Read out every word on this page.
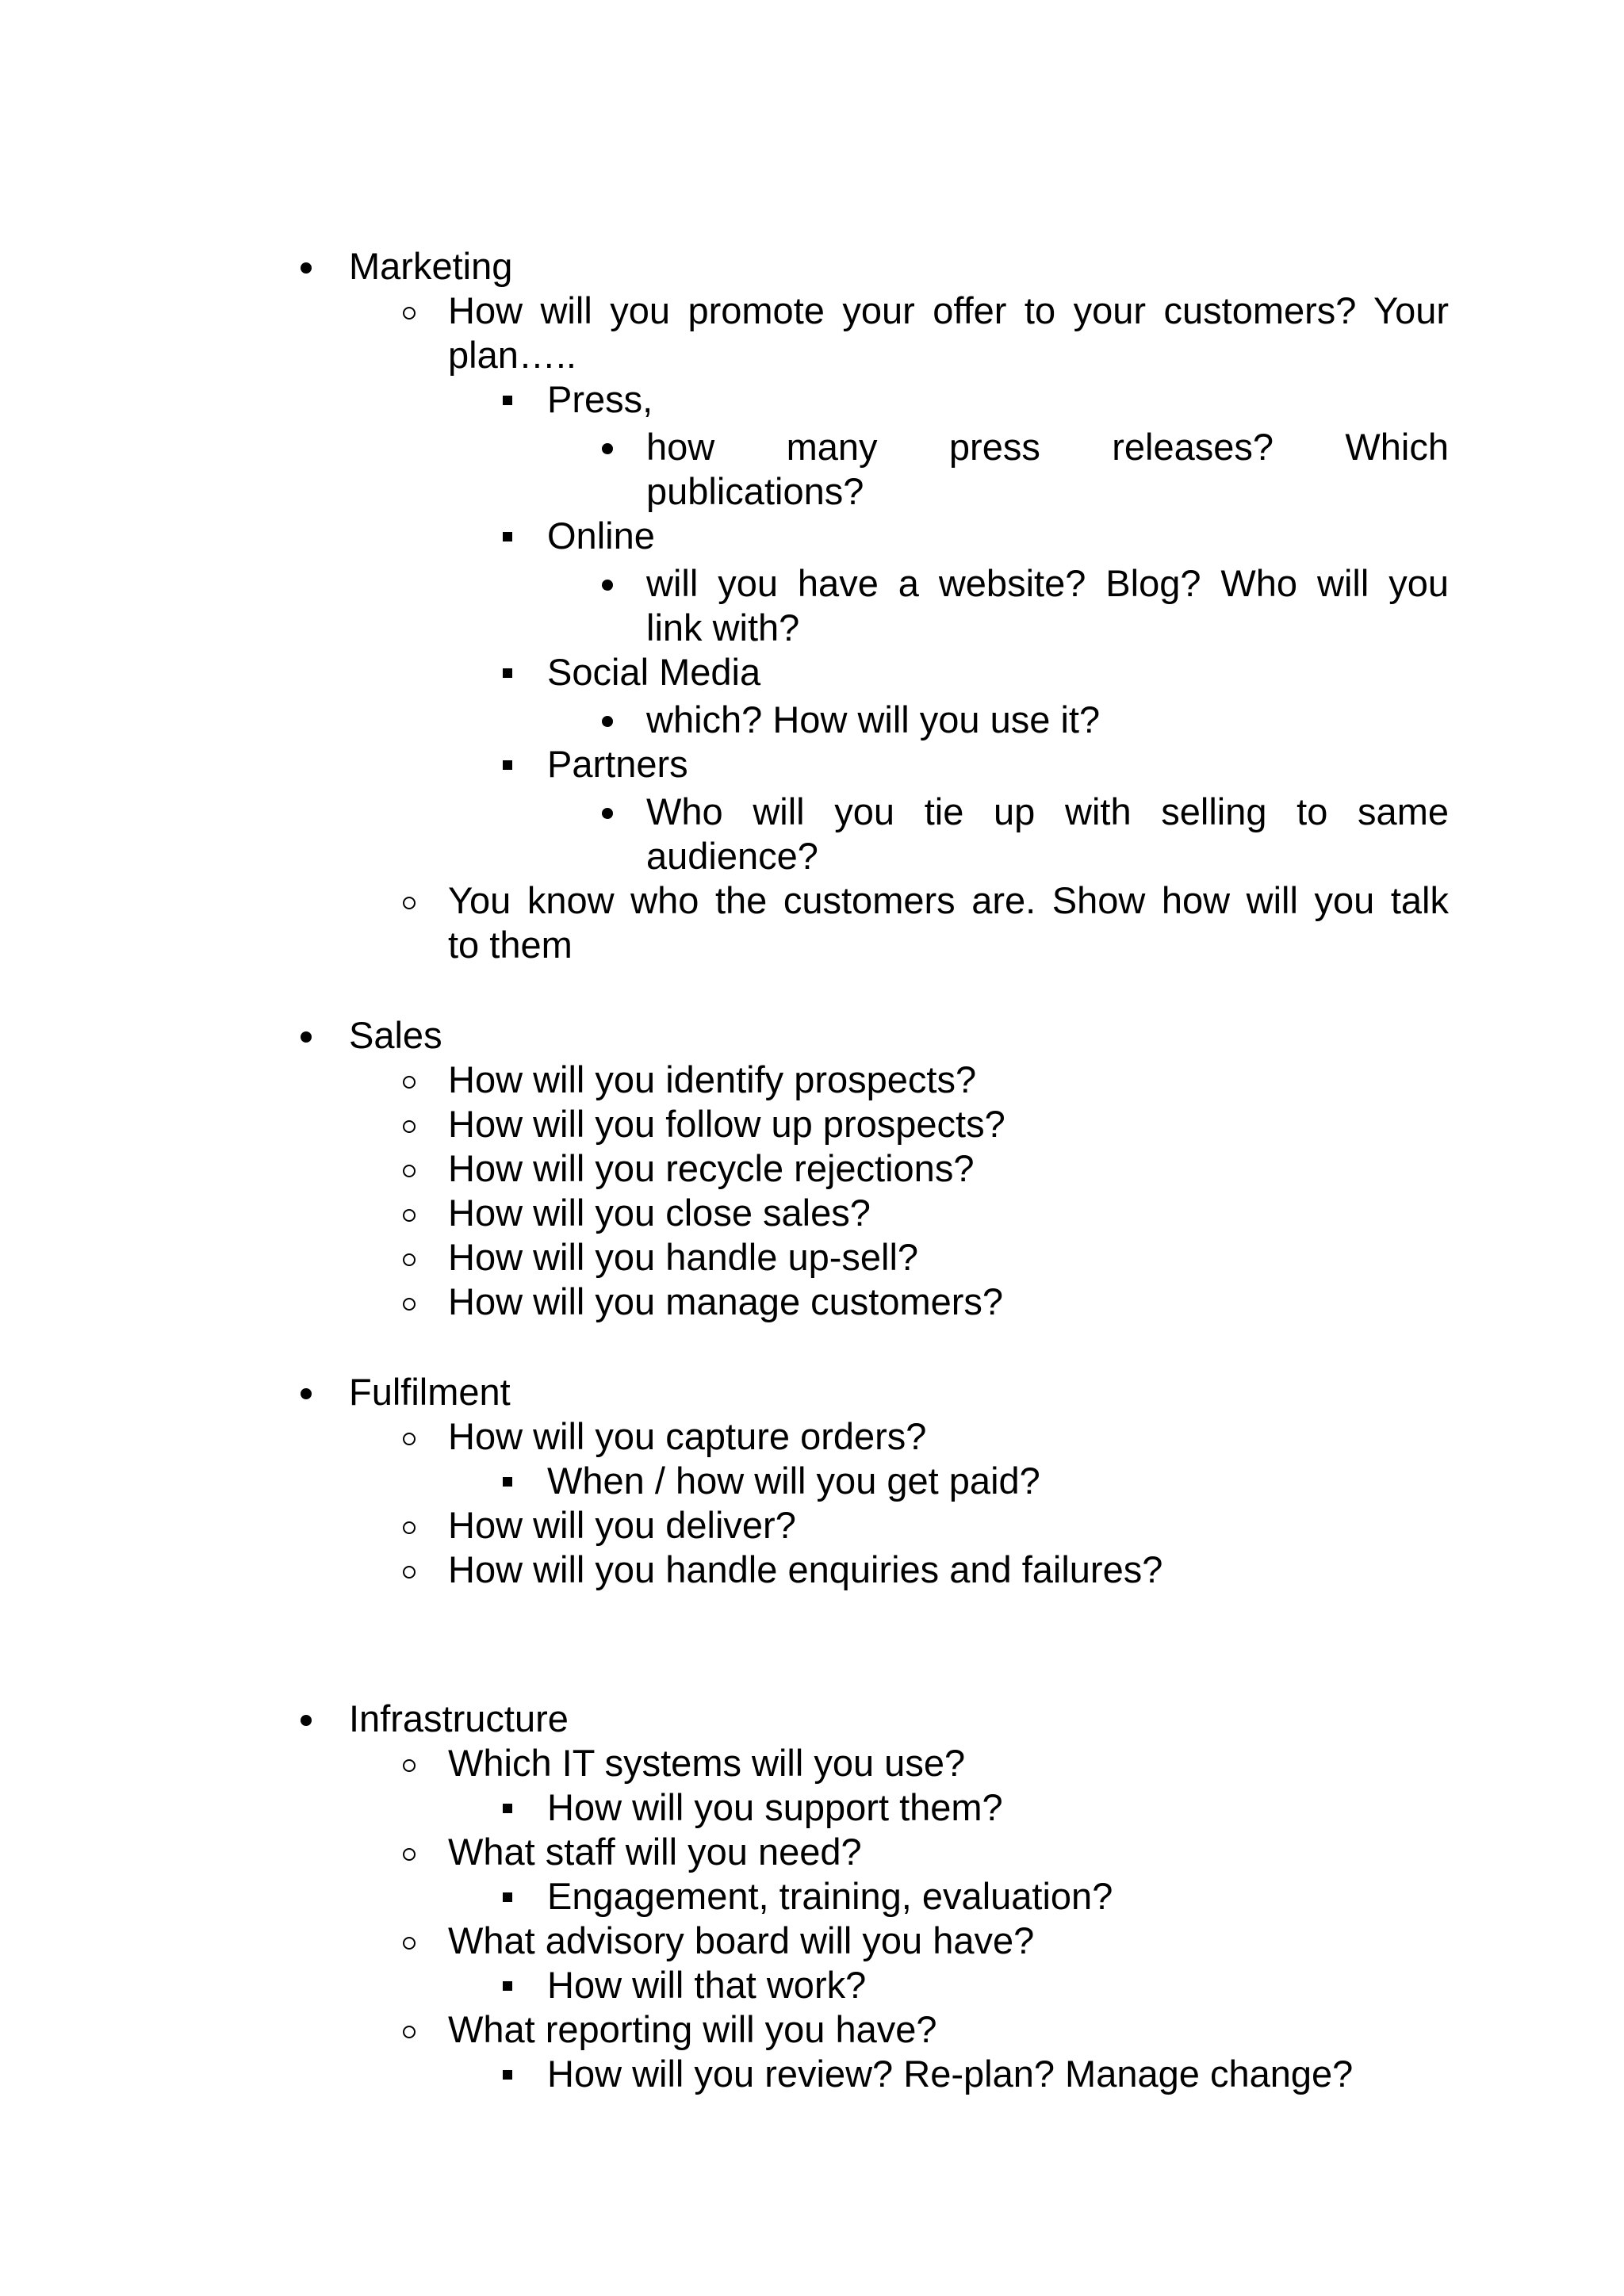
Marketing
How will you promote your offer to your customers? Your
plan…..
Press,
how many press releases? Which
publications?
Online
will you have a website? Blog? Who will you
link with?
Social Media
which? How will you use it?
Partners
Who will you tie up with selling to same
audience?
You know who the customers are. Show how will you talk
to them
Sales
How will you identify prospects?
How will you follow up prospects?
How will you recycle rejections?
How will you close sales?
How will you handle up-sell?
How will you manage customers?
Fulfilment
How will you capture orders?
When / how will you get paid?
How will you deliver?
How will you handle enquiries and failures?
Infrastructure
Which IT systems will you use?
How will you support them?
What staff will you need?
Engagement, training, evaluation?
What advisory board will you have?
How will that work?
What reporting will you have?
How will you review? Re-plan? Manage change?
